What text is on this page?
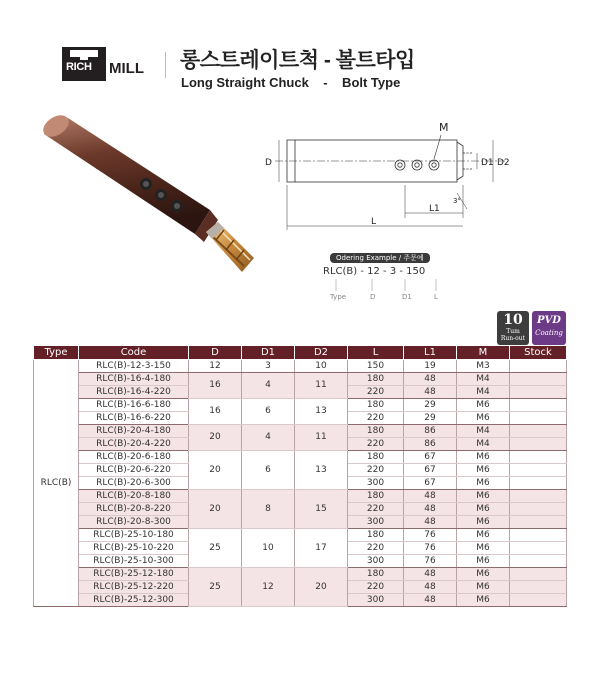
RICH MILL 롱스트레이트척 - 볼트타입
Long Straight Chuck    -    Bolt Type
M
D	D1 D2
L1
3°
L
Odering Example / 주문예
RLC(B) - 12 - 3 - 150
Type	D	D1	L
10
Tum
Run-out
PVD
Coating
Type	Code	D	D1	D2	L	L1	M	Stock
RLC(B)	RLC(B)-12-3-150	12	3	10	150	19	M3	
	RLC(B)-16-4-180	16	4	11	180	48	M4	
	RLC(B)-16-4-220				220	48	M4	
	RLC(B)-16-6-180	16	6	13	180	29	M6	
	RLC(B)-16-6-220				220	29	M6	
	RLC(B)-20-4-180	20	4	11	180	86	M4	
	RLC(B)-20-4-220				220	86	M4	
	RLC(B)-20-6-180	20	6	13	180	67	M6	
	RLC(B)-20-6-220				220	67	M6	
	RLC(B)-20-6-300				300	67	M6	
	RLC(B)-20-8-180	20	8	15	180	48	M6	
	RLC(B)-20-8-220				220	48	M6	
	RLC(B)-20-8-300				300	48	M6	
	RLC(B)-25-10-180	25	10	17	180	76	M6	
	RLC(B)-25-10-220				220	76	M6	
	RLC(B)-25-10-300				300	76	M6	
	RLC(B)-25-12-180	25	12	20	180	48	M6	
	RLC(B)-25-12-220				220	48	M6	
	RLC(B)-25-12-300				300	48	M6	
